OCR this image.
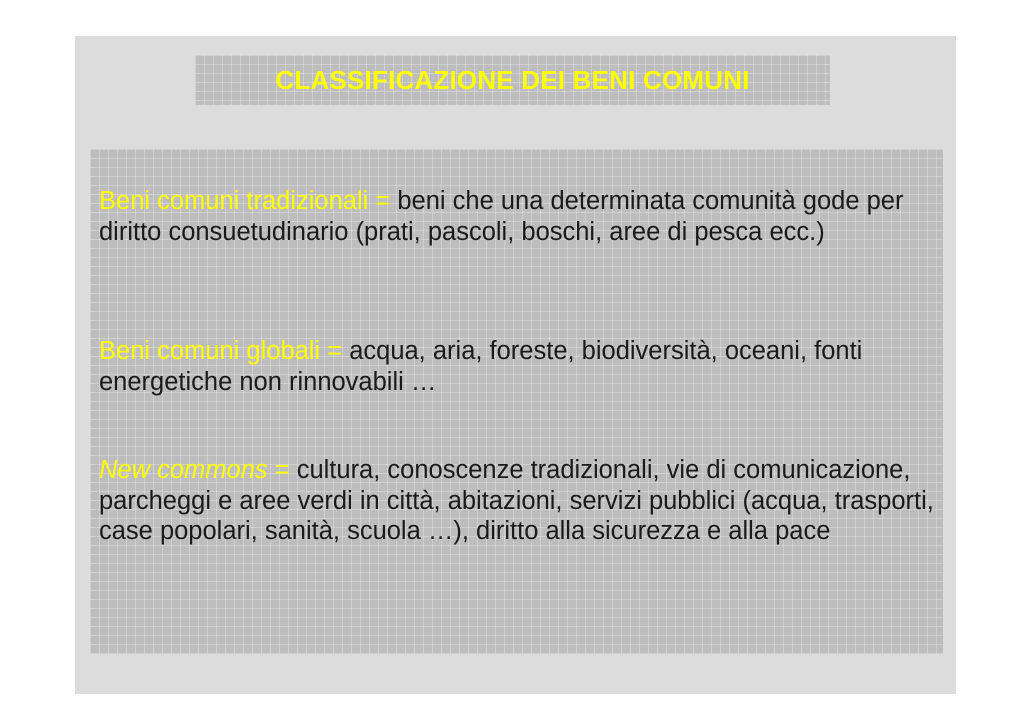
CLASSIFICAZIONE DEI BENI COMUNI

Beni comuni tradizionali = beni che una determinata comunità gode per diritto consuetudinario (prati, pascoli, boschi, aree di pesca ecc.)

Beni comuni globali = acqua, aria, foreste, biodiversità, oceani, fonti energetiche non rinnovabili …

New commons = cultura, conoscenze tradizionali, vie di comunicazione, parcheggi e aree verdi in città, abitazioni, servizi pubblici (acqua, trasporti, case popolari, sanità, scuola …), diritto alla sicurezza e alla pace
